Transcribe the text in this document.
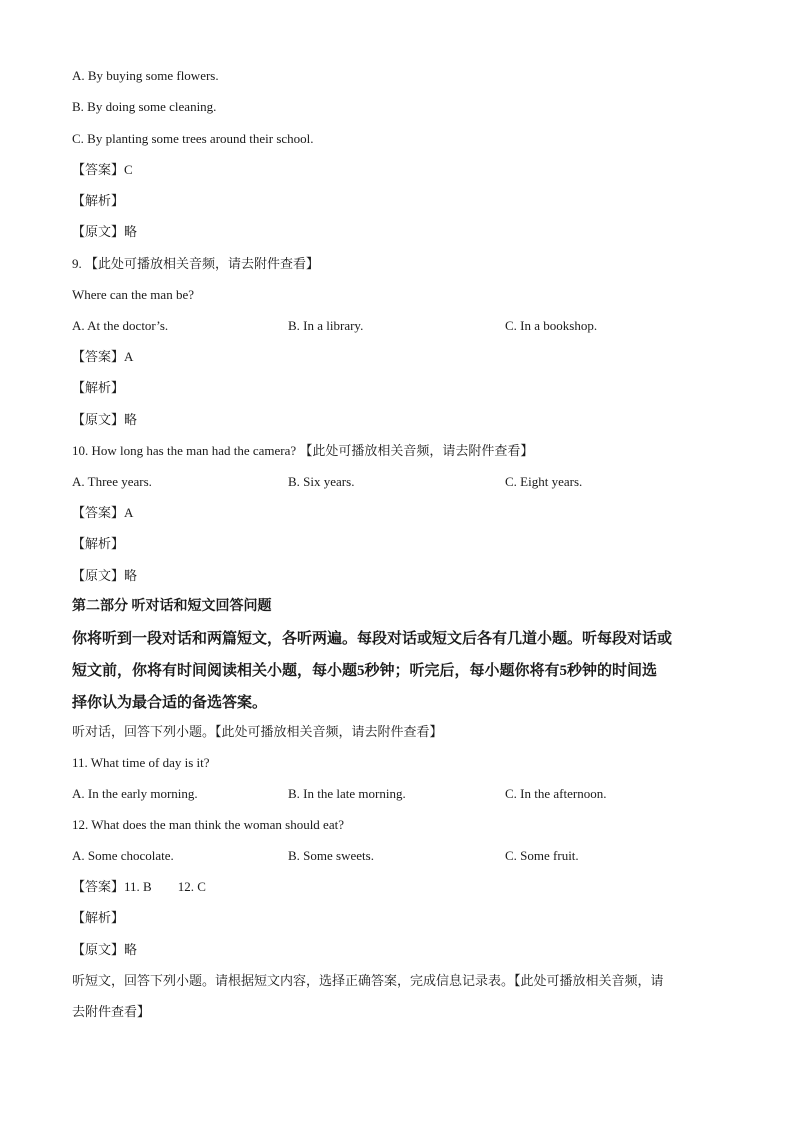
A. By buying some flowers.
B. By doing some cleaning.
C. By planting some trees around their school.
【答案】C
【解析】
【原文】略
9. 【此处可播放相关音频，请去附件查看】
Where can the man be?
A. At the doctor’s.	B. In a library.	C. In a bookshop.
【答案】A
【解析】
【原文】略
10. How long has the man had the camera? 【此处可播放相关音频，请去附件查看】
A. Three years.	B. Six years.	C. Eight years.
【答案】A
【解析】
【原文】略
第二部分 听对话和短文回答问题
你将听到一段对话和两篇短文，各听两遍。每段对话或短文后各有几道小题。听每段对话或
短文前，你将有时间阅读相关小题，每小题5秒钟；听完后，每小题你将有5秒钟的时间选
择你认为最合适的备选答案。
听对话，回答下列小题。【此处可播放相关音频，请去附件查看】
11. What time of day is it?
A. In the early morning.	B. In the late morning.	C. In the afternoon.
12. What does the man think the woman should eat?
A. Some chocolate.	B. Some sweets.	C. Some fruit.
【答案】11. B        12. C
【解析】
【原文】略
听短文，回答下列小题。请根据短文内容，选择正确答案，完成信息记录表。【此处可播放相关音频，请
去附件查看】
